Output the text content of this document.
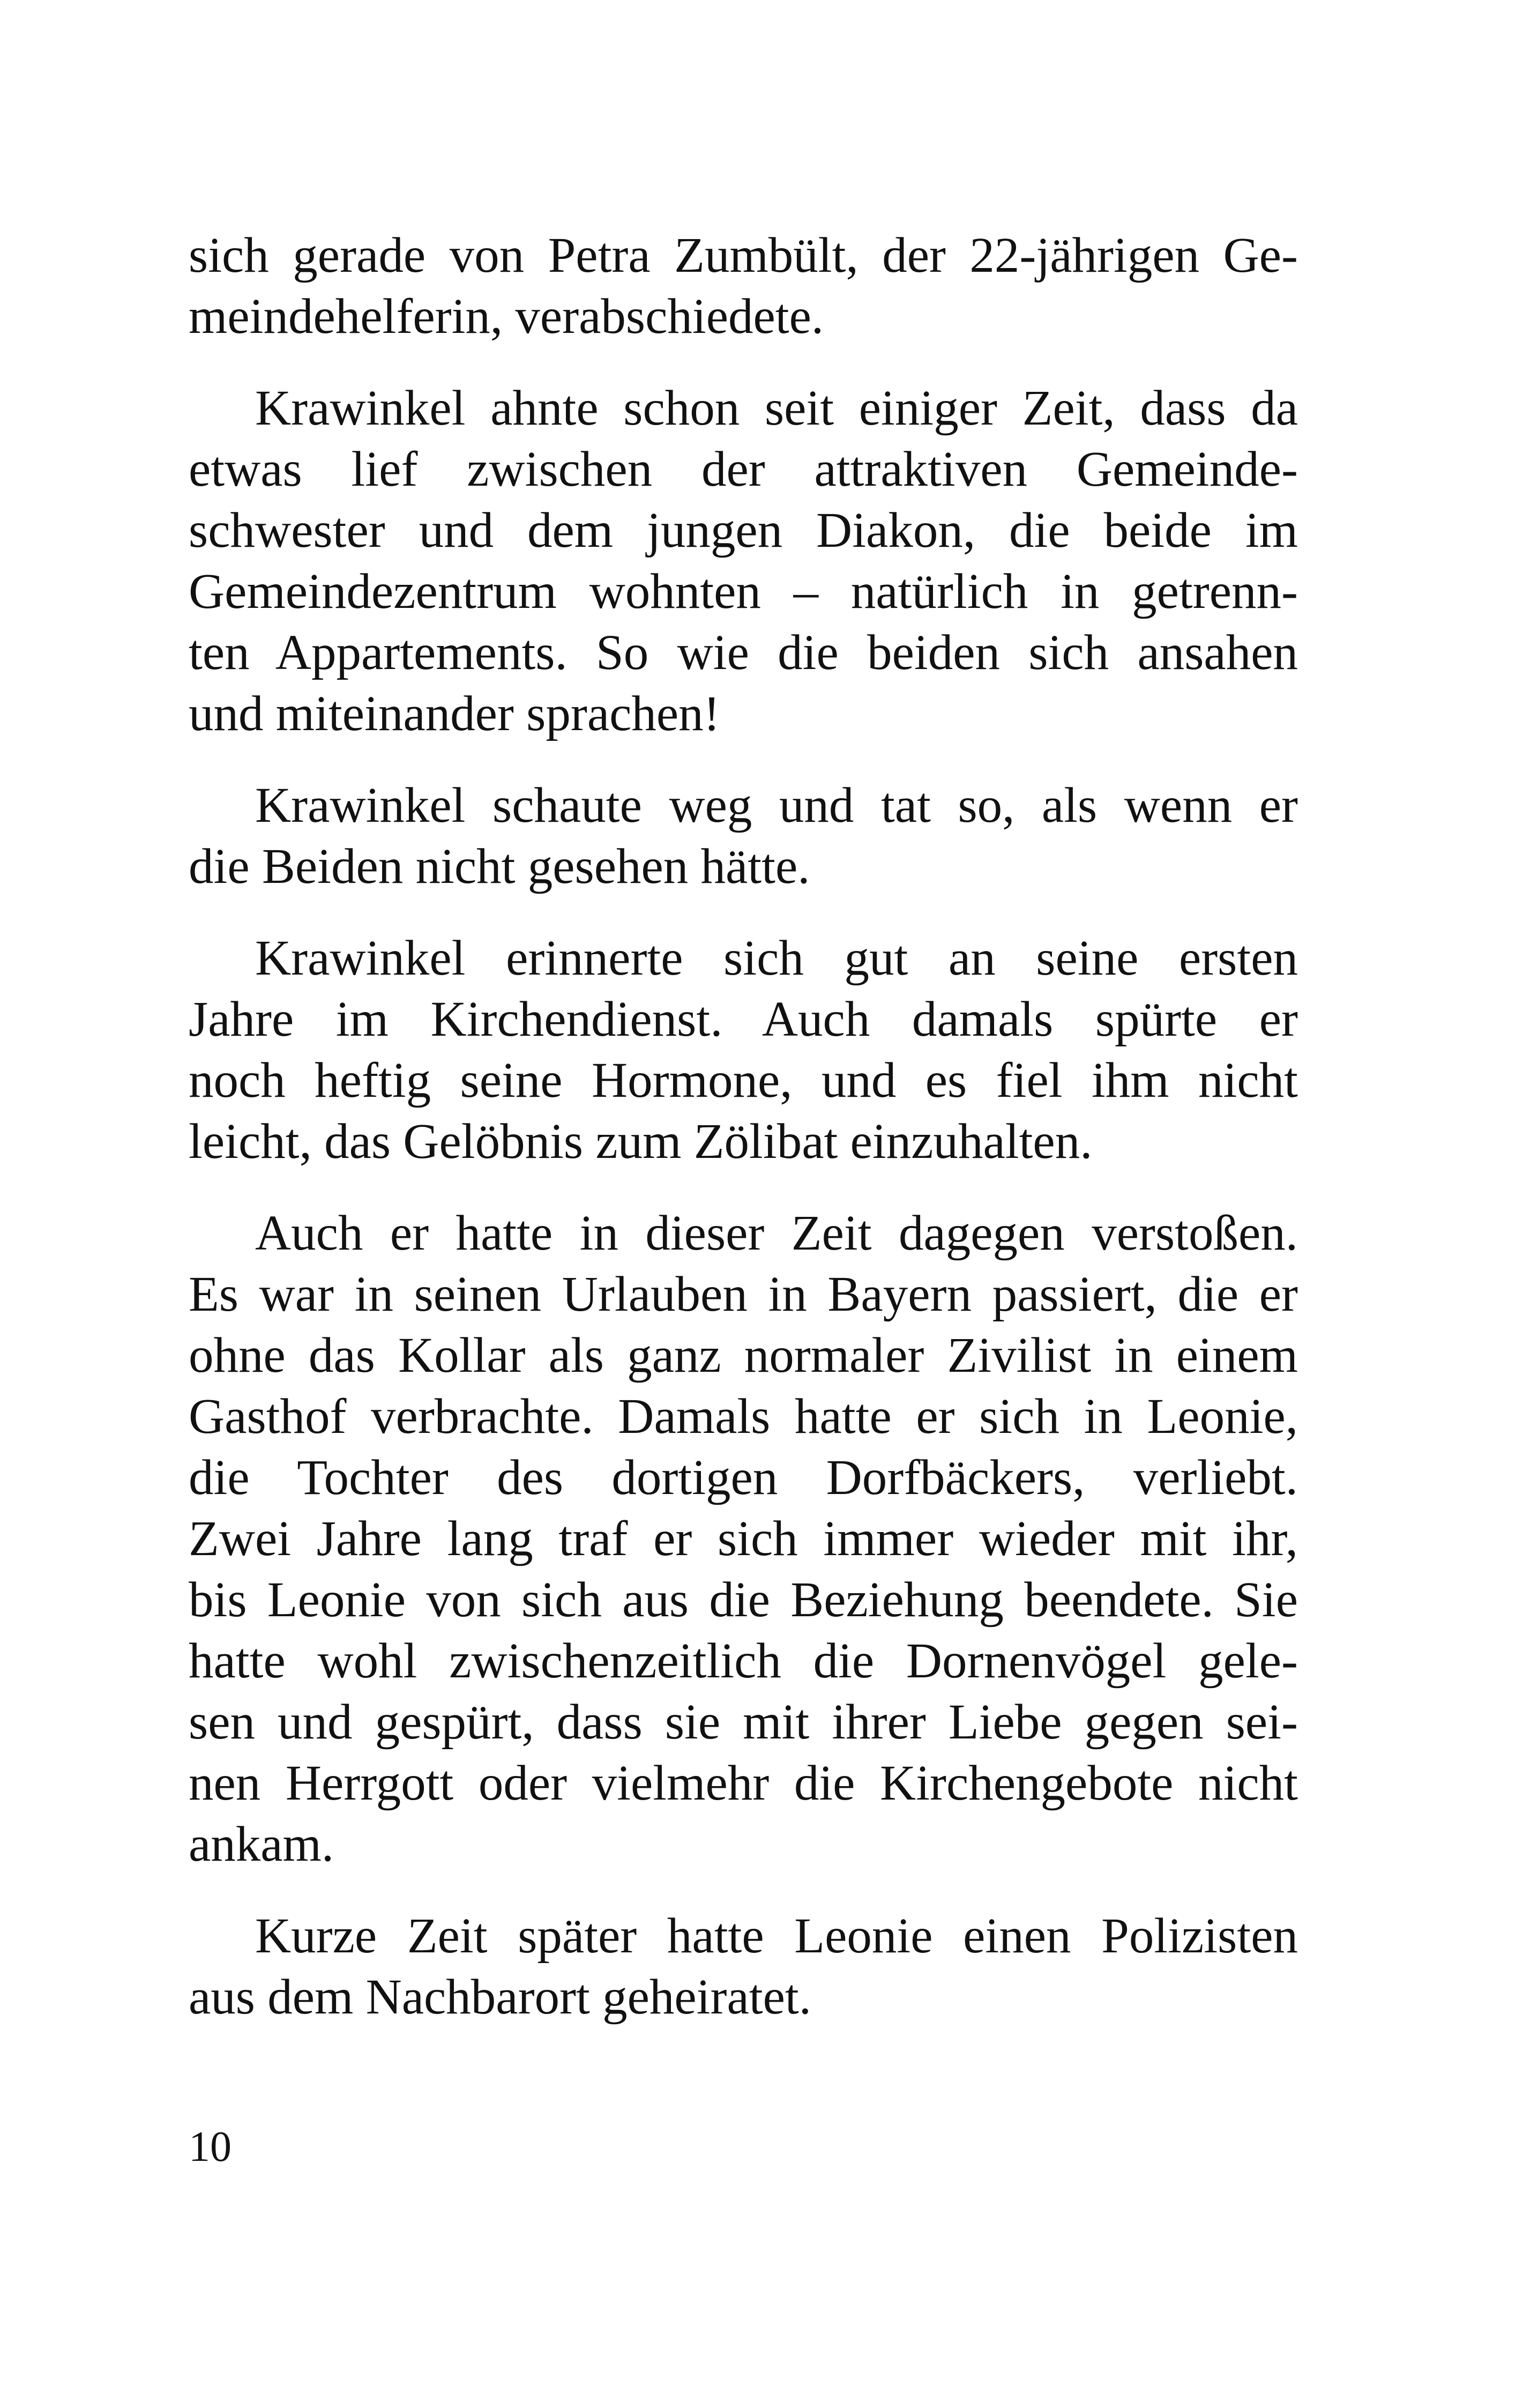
sich gerade von Petra Zumbült, der 22-jährigen Ge-
meindehelferin, verabschiedete.
Krawinkel ahnte schon seit einiger Zeit, dass da
etwas lief zwischen der attraktiven Gemeinde-
schwester und dem jungen Diakon, die beide im
Gemeindezentrum wohnten – natürlich in getrenn-
ten Appartements. So wie die beiden sich ansahen
und miteinander sprachen!
Krawinkel schaute weg und tat so, als wenn er
die Beiden nicht gesehen hätte.
Krawinkel erinnerte sich gut an seine ersten
Jahre im Kirchendienst. Auch damals spürte er
noch heftig seine Hormone, und es fiel ihm nicht
leicht, das Gelöbnis zum Zölibat einzuhalten.
Auch er hatte in dieser Zeit dagegen verstoßen.
Es war in seinen Urlauben in Bayern passiert, die er
ohne das Kollar als ganz normaler Zivilist in einem
Gasthof verbrachte. Damals hatte er sich in Leonie,
die Tochter des dortigen Dorfbäckers, verliebt.
Zwei Jahre lang traf er sich immer wieder mit ihr,
bis Leonie von sich aus die Beziehung beendete. Sie
hatte wohl zwischenzeitlich die Dornenvögel gele-
sen und gespürt, dass sie mit ihrer Liebe gegen sei-
nen Herrgott oder vielmehr die Kirchengebote nicht
ankam.
Kurze Zeit später hatte Leonie einen Polizisten
aus dem Nachbarort geheiratet.
10
